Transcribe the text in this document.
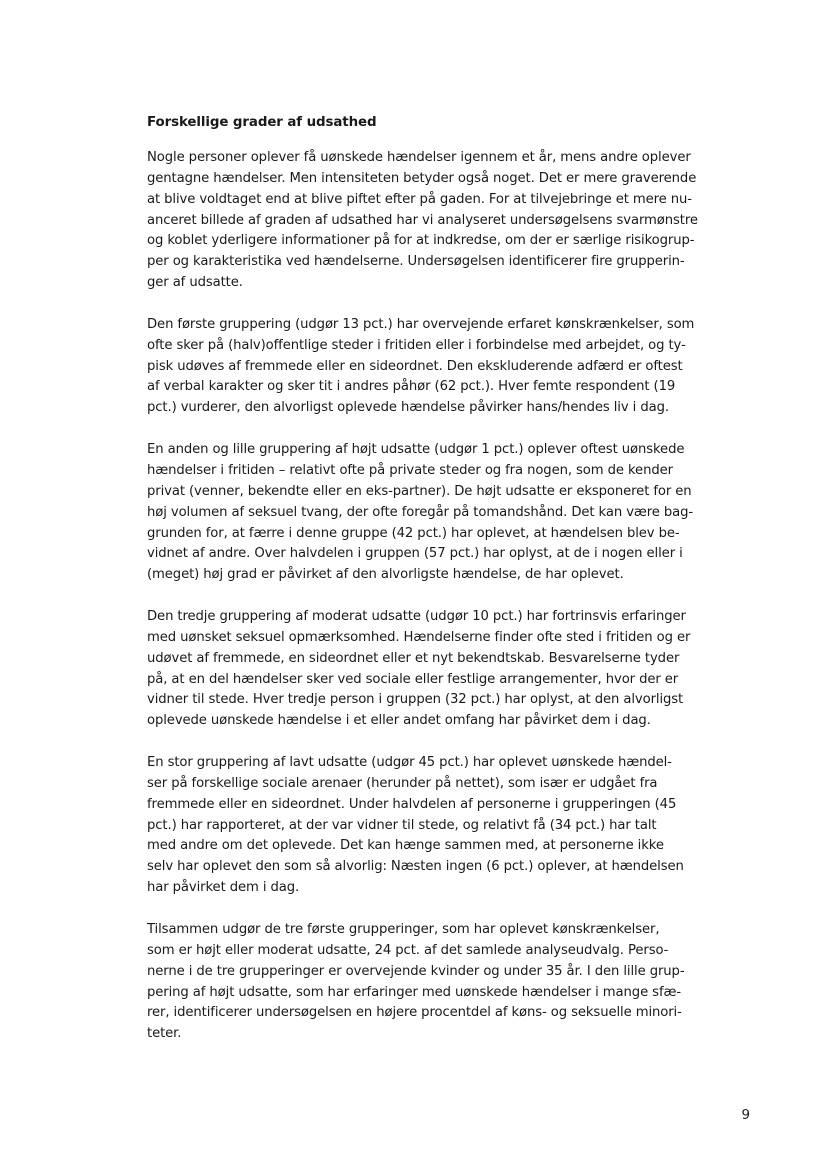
Forskellige grader af udsathed
Nogle personer oplever få uønskede hændelser igennem et år, mens andre oplever
gentagne hændelser. Men intensiteten betyder også noget. Det er mere graverende
at blive voldtaget end at blive piftet efter på gaden. For at tilvejebringe et mere nu-
anceret billede af graden af udsathed har vi analyseret undersøgelsens svarmønstre
og koblet yderligere informationer på for at indkredse, om der er særlige risikogrup-
per og karakteristika ved hændelserne. Undersøgelsen identificerer fire grupperin-
ger af udsatte.
Den første gruppering (udgør 13 pct.) har overvejende erfaret kønskrænkelser, som
ofte sker på (halv)offentlige steder i fritiden eller i forbindelse med arbejdet, og ty-
pisk udøves af fremmede eller en sideordnet. Den ekskluderende adfærd er oftest
af verbal karakter og sker tit i andres påhør (62 pct.). Hver femte respondent (19
pct.) vurderer, den alvorligst oplevede hændelse påvirker hans/hendes liv i dag.
En anden og lille gruppering af højt udsatte (udgør 1 pct.) oplever oftest uønskede
hændelser i fritiden – relativt ofte på private steder og fra nogen, som de kender
privat (venner, bekendte eller en eks-partner). De højt udsatte er eksponeret for en
høj volumen af seksuel tvang, der ofte foregår på tomandshånd. Det kan være bag-
grunden for, at færre i denne gruppe (42 pct.) har oplevet, at hændelsen blev be-
vidnet af andre. Over halvdelen i gruppen (57 pct.) har oplyst, at de i nogen eller i
(meget) høj grad er påvirket af den alvorligste hændelse, de har oplevet.
Den tredje gruppering af moderat udsatte (udgør 10 pct.) har fortrinsvis erfaringer
med uønsket seksuel opmærksomhed. Hændelserne finder ofte sted i fritiden og er
udøvet af fremmede, en sideordnet eller et nyt bekendtskab. Besvarelserne tyder
på, at en del hændelser sker ved sociale eller festlige arrangementer, hvor der er
vidner til stede. Hver tredje person i gruppen (32 pct.) har oplyst, at den alvorligst
oplevede uønskede hændelse i et eller andet omfang har påvirket dem i dag.
En stor gruppering af lavt udsatte (udgør 45 pct.) har oplevet uønskede hændel-
ser på forskellige sociale arenaer (herunder på nettet), som især er udgået fra
fremmede eller en sideordnet. Under halvdelen af personerne i grupperingen (45
pct.) har rapporteret, at der var vidner til stede, og relativt få (34 pct.) har talt
med andre om det oplevede. Det kan hænge sammen med, at personerne ikke
selv har oplevet den som så alvorlig: Næsten ingen (6 pct.) oplever, at hændelsen
har påvirket dem i dag.
Tilsammen udgør de tre første grupperinger, som har oplevet kønskrænkelser,
som er højt eller moderat udsatte, 24 pct. af det samlede analyseudvalg. Perso-
nerne i de tre grupperinger er overvejende kvinder og under 35 år. I den lille grup-
pering af højt udsatte, som har erfaringer med uønskede hændelser i mange sfæ-
rer, identificerer undersøgelsen en højere procentdel af køns- og seksuelle minori-
teter.
9
